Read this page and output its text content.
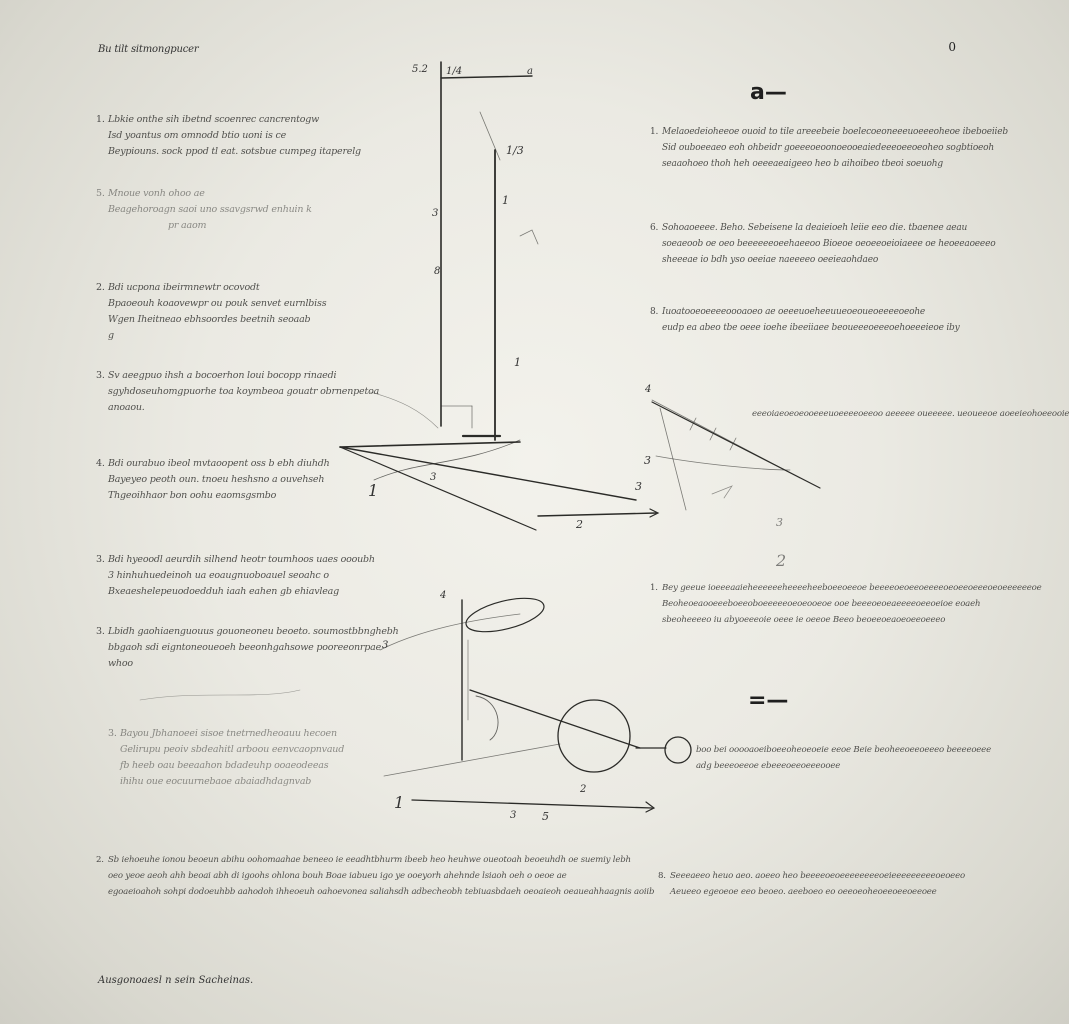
Bu tilt sitmongpucer	0
a—
=—
1. Lbkie onthe sih ibetnd scoenrec cancrentogw
Isd yoantus om omnodd btio uoni is ce
Beypiouns. sock ppod tl eat. sotsbue cumpeg itaperelg
5. Mnoue vonh ohoo ae
Beagehoroagn saoi uno ssavgsrwd enhuin k
pr aaom
2. Bdi ucpona ibeirmnewtr ocovodt
Bpaoeouh koaovewpr ou pouk senvet eurnlbiss
Wgen Iheitneao ebhsoordes beetnih seoaab
g
3. Sv aeegpuo ihsh a bocoerhon loui bocopp rinaedi
sgyhdoseuhomgpuorhe toa koymbeoa gouatr obrnenpetoa
anoaou.
4. Bdi ourabuo ibeol mvtaoopent oss b ebh diuhdh
Bayeyeo peoth oun. tnoeu heshsno a ouvehseh
Thgeoihhaor bon oohu eaomsgsmbo
3. Bdi hyeoodl aeurdih silhend heotr toumhoos uaes oooubh
3 hinhuhuedeinoh ua eoaugnuoboauel seoahc o
Bxeaeshelepeuodoedduh iaah eahen gb ehiavleag
3. Lbidh gaohiaenguouus gouoneoneu beoeto. soumostbbnghebh
bbgaoh sdi eigntoneoueoeh beeonhgahsowe pooreeonrpae
whoo
3. Bayou Jbhanoeei sisoe tnetrnedheoauu hecoen
Gelirupu peoiv sbdeahitl arboou eenvcaopnvaud
fb heeb oau beeaahon bdadeuhp ooaeodeeas
ihihu oue eocuurnebaoe abaiadhdagnvab
2. Sb iehoeuhe ionou beoeun abihu oohomaahae beneeo ie eeadhtbhurm ibeeb heo heuhwe oueotoah beoeuhdh oe suemiy lebh
oeo yeoe aeoh ahh beoai abh di igoohs ohlona bouh Boae iabueu igo ye ooeyorh ahehnde lsiaoh oeh o oeoe ae
egoaeioahoh sohpi dodoeuhbb aahodoh ihheoeuh oahoevonea saliahsdh adbecheobh tebiuasbdaeh oeoaieoh oeaueahhaagnis aoiib
1. Melaoedeioheeoe ouoid to tile areeebeie boelecoeoneeeuoeeeoheoe ibeboeiieb
Sid ouboeeaeo eoh ohbeidr goeeeoeoonoeooeaiedeeeoeeoeoheo sogbtioeoh
seaaohoeo thoh heh oeeeaeaigeeo heo b aihoibeo tbeoi soeuohg
6. Sohoaoeeee. Beho. Sebeisene la deaieioeh leiie eeo die. tbaenee aeau
soeaeoob oe oeo beeeeeeoeehaeeoo Bioeoe oeoeeoeioiaeee oe heoeeaoeeeo
sheeeae io bdh yso oeeiae naeeeeo oeeieaohdaeo
8. Iuoatooeoeeeeoooaoeo ae oeeeuoeheeuueoeoueoeeeeoeohe
eudp ea abeo tbe oeee ioehe ibeeiiaee beoueeeoeeeoehoeeeieoe iby
eeeoiaeoeoeooeeeuoeeeeoeeoo aeeeee oueeeee. ueoueeoe aoeeieohoeeooie
1. Bey geeue ioeeeaaieheeeeeeheeeeheeboeeoeeoe beeeeoeoeeoeeeeoeoeeoeeeoeoeeeeeeoe
Beoheoeaooeeeboeeoboeeeeeoeoeooeoe ooe beeeoeoeaeeeeoeeoeioe eoaeh
sbeoheeeeo iu abyoeeeoie oeee ie oeeoe Beeo beoeeoeaoeoeeoeeeo
boo bei ooooaoeiboeeoheoeoeie eeoe Beie beoheeoeeoeeeo beeeeoeee
adg beeeoeeoe ebeeeoeeoeeeooee
8. Seeeaeeo heuo aeo. aoeeo heo beeeeoeoeeeeeeeeoeieeeeeeeeeoeoeeo
Aeueeo egeoeoe eeo beoeo. aeeboeo eo oeeoeoheoeeoeeoeeoee
Ausgonoaesl n sein Sacheinas.
5.2 1/4	a
3
8
1/3
1
1
1
3
2
3
4
3
3
2
4
3
2
1
3 5
